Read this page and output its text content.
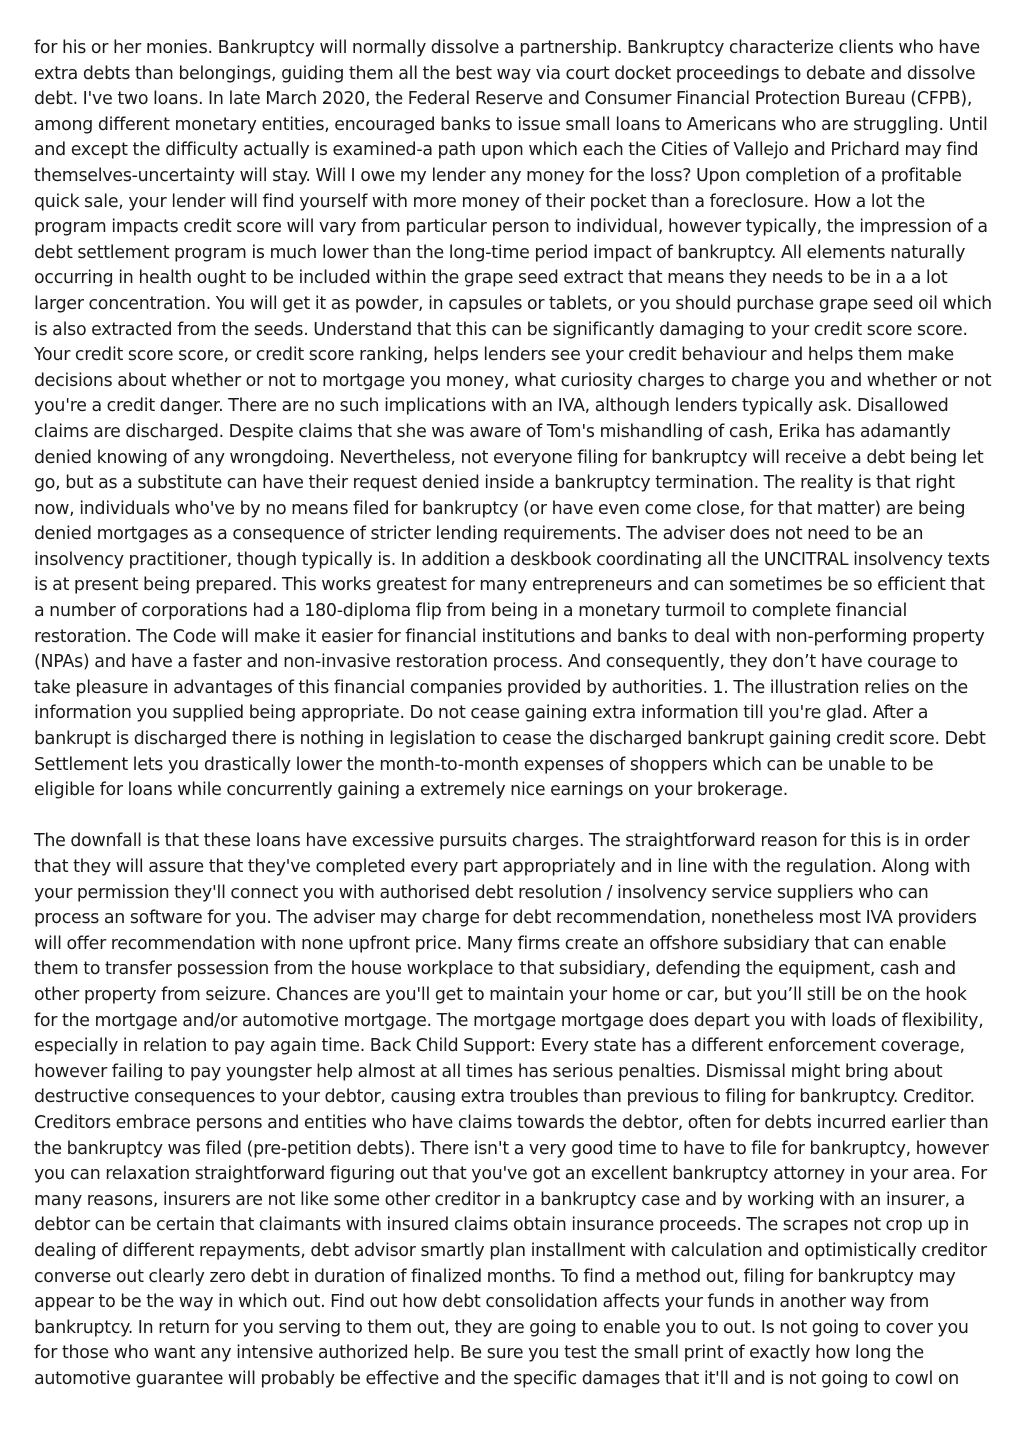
for his or her monies. Bankruptcy will normally dissolve a partnership. Bankruptcy characterize clients who have extra debts than belongings, guiding them all the best way via court docket proceedings to debate and dissolve debt. I've two loans. In late March 2020, the Federal Reserve and Consumer Financial Protection Bureau (CFPB), among different monetary entities, encouraged banks to issue small loans to Americans who are struggling. Until and except the difficulty actually is examined-a path upon which each the Cities of Vallejo and Prichard may find themselves-uncertainty will stay. Will I owe my lender any money for the loss? Upon completion of a profitable quick sale, your lender will find yourself with more money of their pocket than a foreclosure. How a lot the program impacts credit score will vary from particular person to individual, however typically, the impression of a debt settlement program is much lower than the long-time period impact of bankruptcy. All elements naturally occurring in health ought to be included within the grape seed extract that means they needs to be in a a lot larger concentration. You will get it as powder, in capsules or tablets, or you should purchase grape seed oil which is also extracted from the seeds. Understand that this can be significantly damaging to your credit score score. Your credit score score, or credit score ranking, helps lenders see your credit behaviour and helps them make decisions about whether or not to mortgage you money, what curiosity charges to charge you and whether or not you're a credit danger. There are no such implications with an IVA, although lenders typically ask. Disallowed claims are discharged. Despite claims that she was aware of Tom's mishandling of cash, Erika has adamantly denied knowing of any wrongdoing. Nevertheless, not everyone filing for bankruptcy will receive a debt being let go, but as a substitute can have their request denied inside a bankruptcy termination. The reality is that right now, individuals who've by no means filed for bankruptcy (or have even come close, for that matter) are being denied mortgages as a consequence of stricter lending requirements. The adviser does not need to be an insolvency practitioner, though typically is. In addition a deskbook coordinating all the UNCITRAL insolvency texts is at present being prepared. This works greatest for many entrepreneurs and can sometimes be so efficient that a number of corporations had a 180-diploma flip from being in a monetary turmoil to complete financial restoration. The Code will make it easier for financial institutions and banks to deal with non-performing property (NPAs) and have a faster and non-invasive restoration process. And consequently, they don’t have courage to take pleasure in advantages of this financial companies provided by authorities. 1. The illustration relies on the information you supplied being appropriate. Do not cease gaining extra information till you're glad. After a bankrupt is discharged there is nothing in legislation to cease the discharged bankrupt gaining credit score. Debt Settlement lets you drastically lower the month-to-month expenses of shoppers which can be unable to be eligible for loans while concurrently gaining a extremely nice earnings on your brokerage.

The downfall is that these loans have excessive pursuits charges. The straightforward reason for this is in order that they will assure that they've completed every part appropriately and in line with the regulation. Along with your permission they'll connect you with authorised debt resolution / insolvency service suppliers who can process an software for you. The adviser may charge for debt recommendation, nonetheless most IVA providers will offer recommendation with none upfront price. Many firms create an offshore subsidiary that can enable them to transfer possession from the house workplace to that subsidiary, defending the equipment, cash and other property from seizure. Chances are you'll get to maintain your home or car, but you’ll still be on the hook for the mortgage and/or automotive mortgage. The mortgage mortgage does depart you with loads of flexibility, especially in relation to pay again time. Back Child Support: Every state has a different enforcement coverage, however failing to pay youngster help almost at all times has serious penalties. Dismissal might bring about destructive consequences to your debtor, causing extra troubles than previous to filing for bankruptcy. Creditor. Creditors embrace persons and entities who have claims towards the debtor, often for debts incurred earlier than the bankruptcy was filed (pre-petition debts). There isn't a very good time to have to file for bankruptcy, however you can relaxation straightforward figuring out that you've got an excellent bankruptcy attorney in your area. For many reasons, insurers are not like some other creditor in a bankruptcy case and by working with an insurer, a debtor can be certain that claimants with insured claims obtain insurance proceeds. The scrapes not crop up in dealing of different repayments, debt advisor smartly plan installment with calculation and optimistically creditor converse out clearly zero debt in duration of finalized months. To find a method out, filing for bankruptcy may appear to be the way in which out. Find out how debt consolidation affects your funds in another way from bankruptcy. In return for you serving to them out, they are going to enable you to out. Is not going to cover you for those who want any intensive authorized help. Be sure you test the small print of exactly how long the automotive guarantee will probably be effective and the specific damages that it'll and is not going to cowl on
